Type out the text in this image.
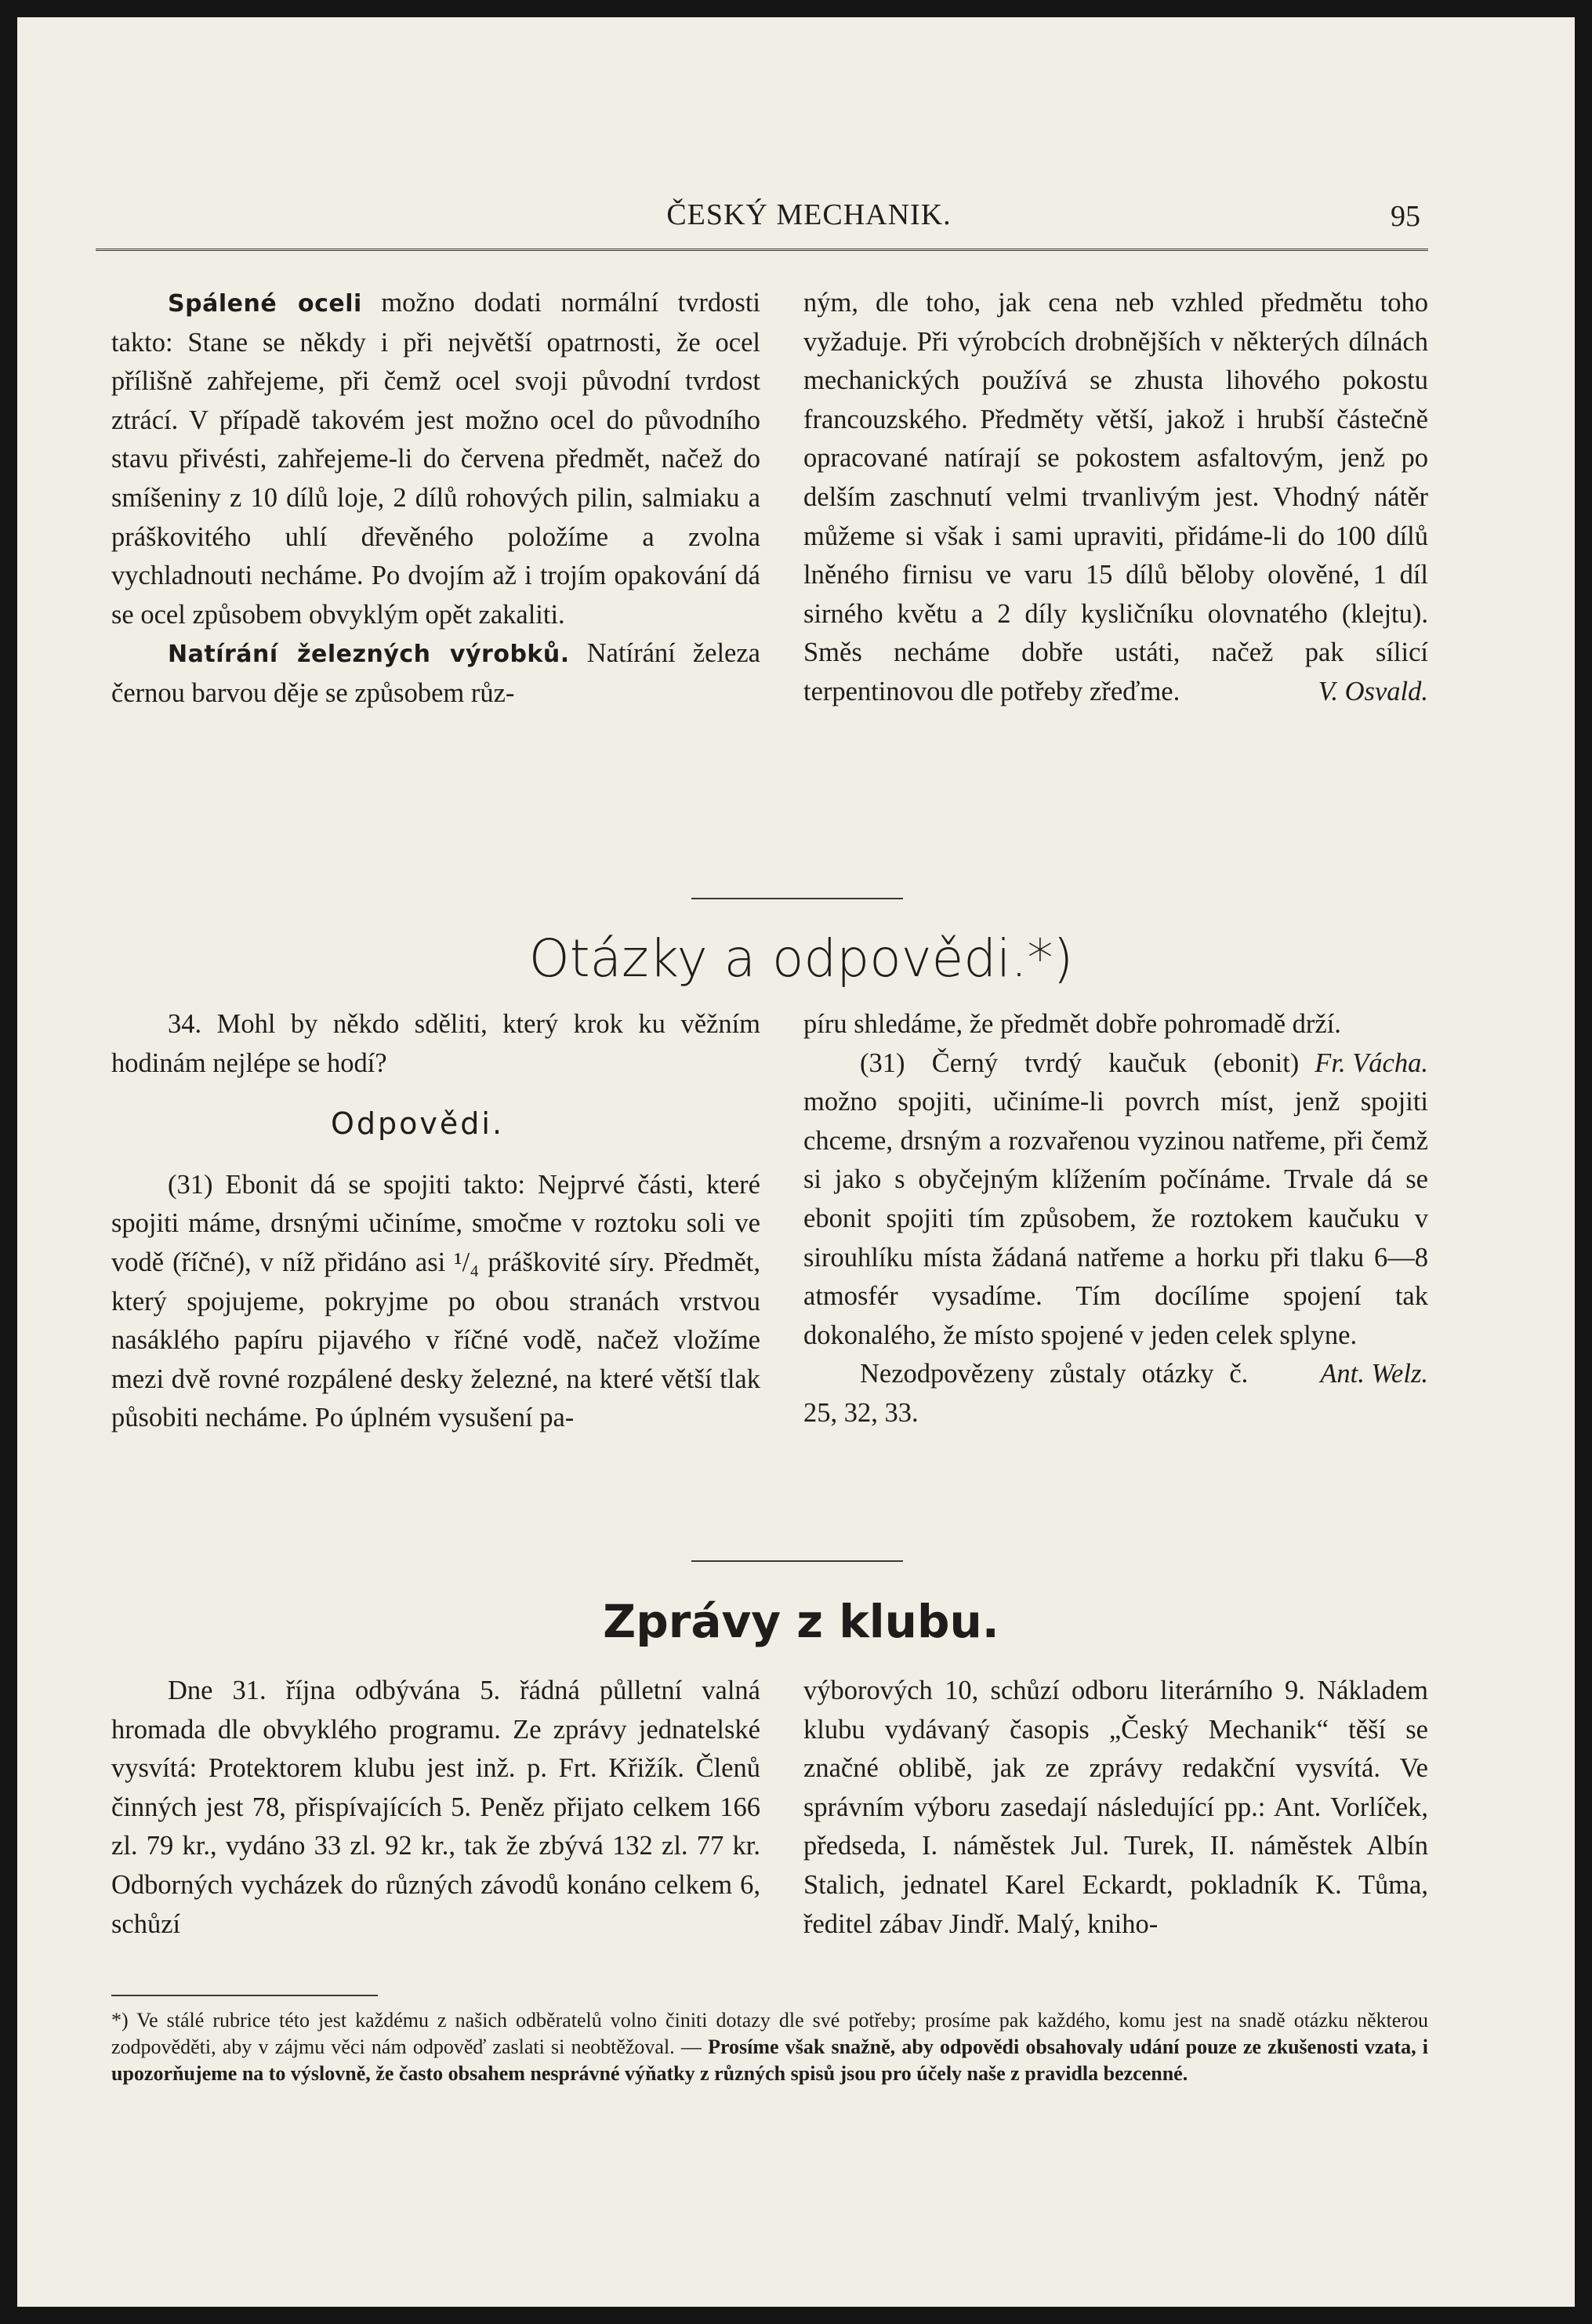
ČESKÝ MECHANIK.	95

Spálené oceli možno dodati normální tvrdosti takto: Stane se někdy i při největší opatrnosti, že ocel přílišně zahřejeme, při čemž ocel svoji původní tvrdost ztrácí. V případě takovém jest možno ocel do původního stavu přivésti, zahřejeme-li do červena předmět, načež do smíšeniny z 10 dílů loje, 2 dílů rohových pilin, salmiaku a práškovitého uhlí dřevěného položíme a zvolna vychladnouti necháme. Po dvojím až i trojím opakování dá se ocel způsobem obvyklým opět zakaliti.

Natírání železných výrobků. Natírání železa černou barvou děje se způsobem růz-

ným, dle toho, jak cena neb vzhled předmětu toho vyžaduje. Při výrobcích drobnějších v některých dílnách mechanických používá se zhusta lihového pokostu francouzského. Předměty větší, jakož i hrubší částečně opracované natírají se pokostem asfaltovým, jenž po delším zaschnutí velmi trvanlivým jest. Vhodný nátěr můžeme si však i sami upraviti, přidáme-li do 100 dílů lněného firnisu ve varu 15 dílů běloby olověné, 1 díl sirného květu a 2 díly kysličníku olovnatého (klejtu). Směs necháme dobře ustáti, načež pak sílicí terpentinovou dle potřeby zřeďme.	V. Osvald.

Otázky a odpovědi.*)

34. Mohl by někdo sděliti, který krok ku věžním hodinám nejlépe se hodí?

Odpovědi.

(31) Ebonit dá se spojiti takto: Nejprvé části, které spojiti máme, drsnými učiníme, smočme v roztoku soli ve vodě (říčné), v níž přidáno asi ¹/₄ práškovité síry. Předmět, který spojujeme, pokryjme po obou stranách vrstvou nasáklého papíru pijavého v říčné vodě, načež vložíme mezi dvě rovné rozpálené desky železné, na které větší tlak působiti necháme. Po úplném vysušení pa-

píru shledáme, že předmět dobře pohromadě drží.
Fr. Vácha.

(31) Černý tvrdý kaučuk (ebonit) možno spojiti, učiníme-li povrch míst, jenž spojiti chceme, drsným a rozvařenou vyzinou natřeme, při čemž si jako s obyčejným klížením počínáme. Trvale dá se ebonit spojiti tím způsobem, že roztokem kaučuku v sirouhlíku místa žádaná natřeme a horku při tlaku 6—8 atmosfér vysadíme. Tím docílíme spojení tak dokonalého, že místo spojené v jeden celek splyne.
Ant. Welz.

Nezodpovězeny zůstaly otázky č. 25, 32, 33.

Zprávy z klubu.

Dne 31. října odbývána 5. řádná půlletní valná hromada dle obvyklého programu. Ze zprávy jednatelské vysvítá: Protektorem klubu jest inž. p. Frt. Křižík. Členů činných jest 78, přispívajících 5. Peněz přijato celkem 166 zl. 79 kr., vydáno 33 zl. 92 kr., tak že zbývá 132 zl. 77 kr. Odborných vycházek do různých závodů konáno celkem 6, schůzí

výborových 10, schůzí odboru literárního 9. Nákladem klubu vydávaný časopis „Český Mechanik“ těší se značné oblibě, jak ze zprávy redakční vysvítá. Ve správním výboru zasedají následující pp.: Ant. Vorlíček, předseda, I. náměstek Jul. Turek, II. náměstek Albín Stalich, jednatel Karel Eckardt, pokladník K. Tůma, ředitel zábav Jindř. Malý, kniho-

*) Ve stálé rubrice této jest každému z našich odběratelů volno činiti dotazy dle své potřeby; prosíme pak každého, komu jest na snadě otázku některou zodpověděti, aby v zájmu věci nám odpověď zaslati si neobtěžoval. — Prosíme však snažně, aby odpovědi obsahovaly udání pouze ze zkušenosti vzata, i upozorňujeme na to výslovně, že často obsahem nesprávné výňatky z různých spisů jsou pro účely naše z pravidla bezcenné.
